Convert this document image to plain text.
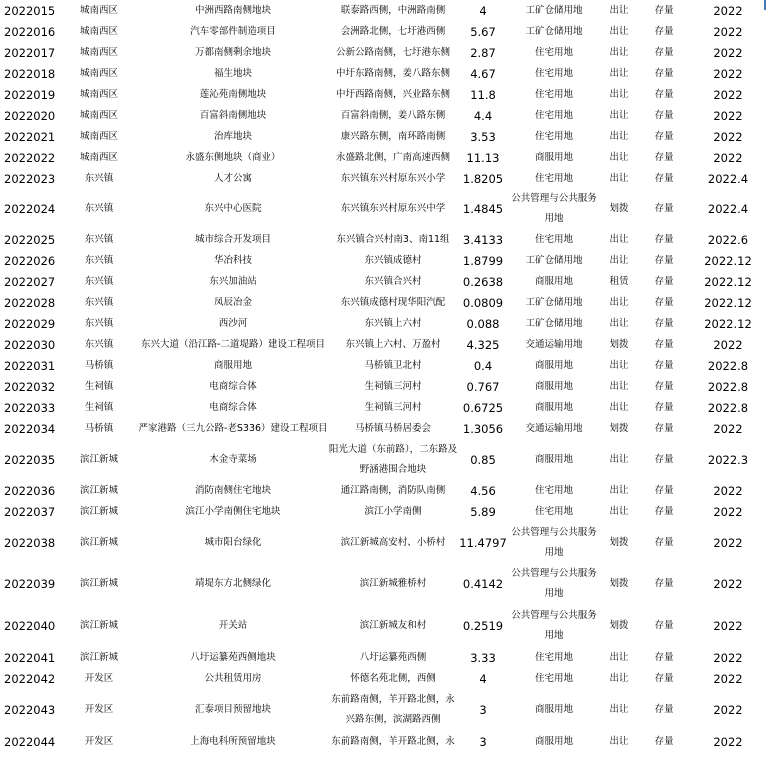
2022015	城南西区	中洲西路南侧地块	联泰路西侧，中洲路南侧	4	工矿仓储用地	出让	存量	2022
2022016	城南西区	汽车零部件制造项目	会洲路北侧，七圩港西侧	5.67	工矿仓储用地	出让	存量	2022
2022017	城南西区	万都南侧剩余地块	公新公路南侧，七圩港东侧	2.87	住宅用地	出让	存量	2022
2022018	城南西区	福生地块	中圩东路南侧，姜八路东侧	4.67	住宅用地	出让	存量	2022
2022019	城南西区	莲沁苑南侧地块	中圩西路南侧，兴业路东侧	11.8	住宅用地	出让	存量	2022
2022020	城南西区	百富斜南侧地块	百富斜南侧，姜八路东侧	4.4	住宅用地	出让	存量	2022
2022021	城南西区	治库地块	康兴路东侧，南环路南侧	3.53	住宅用地	出让	存量	2022
2022022	城南西区	永盛东侧地块（商业）	永盛路北侧，广南高速西侧	11.13	商服用地	出让	存量	2022
2022023	东兴镇	人才公寓	东兴镇东兴村原东兴小学	1.8205	住宅用地	出让	存量	2022.4
2022024	东兴镇	东兴中心医院	东兴镇东兴村原东兴中学	1.4845	公共管理与公共服务用地	划拨	存量	2022.4
2022025	东兴镇	城市综合开发项目	东兴镇合兴村南3、南11组	3.4133	住宅用地	出让	存量	2022.6
2022026	东兴镇	华冶科技	东兴镇成德村	1.8799	工矿仓储用地	出让	存量	2022.12
2022027	东兴镇	东兴加油站	东兴镇合兴村	0.2638	商服用地	租赁	存量	2022.12
2022028	东兴镇	凤辰冶金	东兴镇成德村现华阳汽配	0.0809	工矿仓储用地	出让	存量	2022.12
2022029	东兴镇	西沙河	东兴镇上六村	0.088	工矿仓储用地	出让	存量	2022.12
2022030	东兴镇	东兴大道（沿江路-二道堤路）建设工程项目	东兴镇上六村、万盈村	4.325	交通运输用地	划拨	存量	2022
2022031	马桥镇	商服用地	马桥镇卫北村	0.4	商服用地	出让	存量	2022.8
2022032	生祠镇	电商综合体	生祠镇三河村	0.767	商服用地	出让	存量	2022.8
2022033	生祠镇	电商综合体	生祠镇三河村	0.6725	商服用地	出让	存量	2022.8
2022034	马桥镇	严家港路（三九公路-老S336）建设工程项目	马桥镇马桥居委会	1.3056	交通运输用地	划拨	存量	2022
2022035	滨江新城	木金寺菜场	阳光大道（东前路），二东路及野涵港围合地块	0.85	商服用地	出让	存量	2022.3
2022036	滨江新城	消防南侧住宅地块	通江路南侧，消防队南侧	4.56	住宅用地	出让	存量	2022
2022037	滨江新城	滨江小学南侧住宅地块	滨江小学南侧	5.89	住宅用地	出让	存量	2022
2022038	滨江新城	城市阳台绿化	滨江新城高安村、小桥村	11.4797	公共管理与公共服务用地	划拨	存量	2022
2022039	滨江新城	靖堤东方北侧绿化	滨江新城雅桥村	0.4142	公共管理与公共服务用地	划拨	存量	2022
2022040	滨江新城	开关站	滨江新城友和村	0.2519	公共管理与公共服务用地	划拨	存量	2022
2022041	滨江新城	八圩运纂苑西侧地块	八圩运纂苑西侧	3.33	住宅用地	出让	存量	2022
2022042	开发区	公共租赁用房	怀德名苑北侧，西侧	4	住宅用地	出让	存量	2022
2022043	开发区	汇泰项目预留地块	东前路南侧，羊开路北侧，永兴路东侧，滨湖路西侧	3	商服用地	出让	存量	2022
2022044	开发区	上海电科所预留地块	东前路南侧，羊开路北侧，永	3	商服用地	出让	存量	2022
